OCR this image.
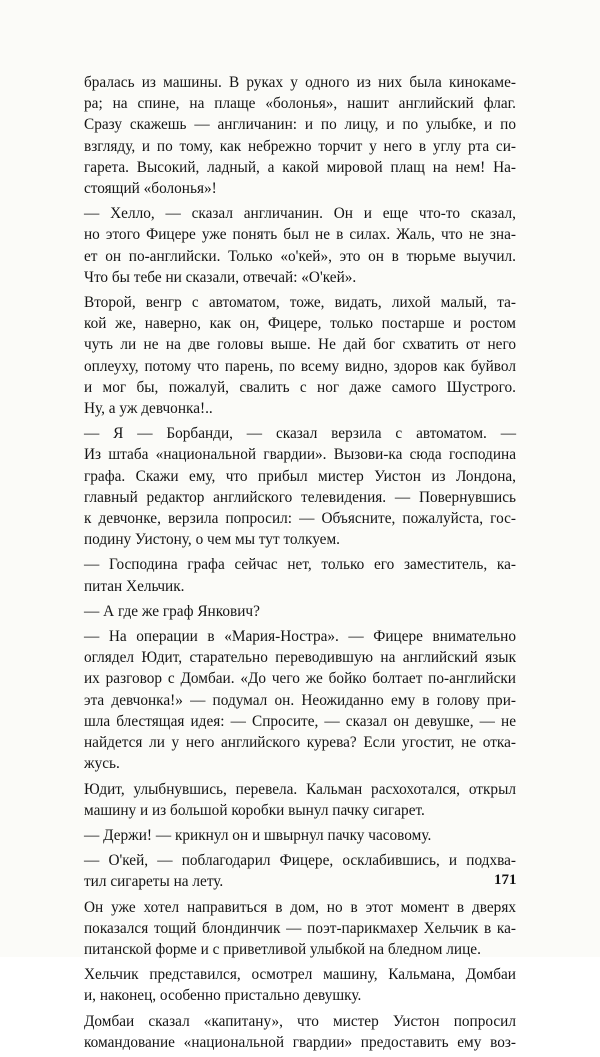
бралась из машины. В руках у одного из них была кинокаме-
ра; на спине, на плаще «болонья», нашит английский флаг.
Сразу скажешь — англичанин: и по лицу, и по улыбке, и по
взгляду, и по тому, как небрежно торчит у него в углу рта си-
гарета. Высокий, ладный, а какой мировой плащ на нем! На-
стоящий «болонья»!
— Хелло, — сказал англичанин. Он и еще что-то сказал,
но этого Фицере уже понять был не в силах. Жаль, что не зна-
ет он по-английски. Только «о'кей», это он в тюрьме выучил.
Что бы тебе ни сказали, отвечай: «О'кей».
Второй, венгр с автоматом, тоже, видать, лихой малый, та-
кой же, наверно, как он, Фицере, только постарше и ростом
чуть ли не на две головы выше. Не дай бог схватить от него
оплеуху, потому что парень, по всему видно, здоров как буйвол
и мог бы, пожалуй, свалить с ног даже самого Шустрого.
Ну, а уж девчонка!..
— Я — Борбанди, — сказал верзила с автоматом. —
Из штаба «национальной гвардии». Вызови-ка сюда господина
графа. Скажи ему, что прибыл мистер Уистон из Лондона,
главный редактор английского телевидения. — Повернувшись
к девчонке, верзила попросил: — Объясните, пожалуйста, гос-
подину Уистону, о чем мы тут толкуем.
— Господина графа сейчас нет, только его заместитель, ка-
питан Хельчик.
— А где же граф Янкович?
— На операции в «Мария-Ностра». — Фицере внимательно
оглядел Юдит, старательно переводившую на английский язык
их разговор с Домбаи. «До чего же бойко болтает по-английски
эта девчонка!» — подумал он. Неожиданно ему в голову при-
шла блестящая идея: — Спросите, — сказал он девушке, — не
найдется ли у него английского курева? Если угостит, не отка-
жусь.
Юдит, улыбнувшись, перевела. Кальман расхохотался, открыл
машину и из большой коробки вынул пачку сигарет.
— Держи! — крикнул он и швырнул пачку часовому.
— О'кей, — поблагодарил Фицере, осклабившись, и подхва-
тил сигареты на лету.
Он уже хотел направиться в дом, но в этот момент в дверях
показался тощий блондинчик — поэт-парикмахер Хельчик в ка-
питанской форме и с приветливой улыбкой на бледном лице.
Хельчик представился, осмотрел машину, Кальмана, Домбаи
и, наконец, особенно пристально девушку.
Домбаи сказал «капитану», что мистер Уистон попросил
командование «национальной гвардии» предоставить ему воз-
171
